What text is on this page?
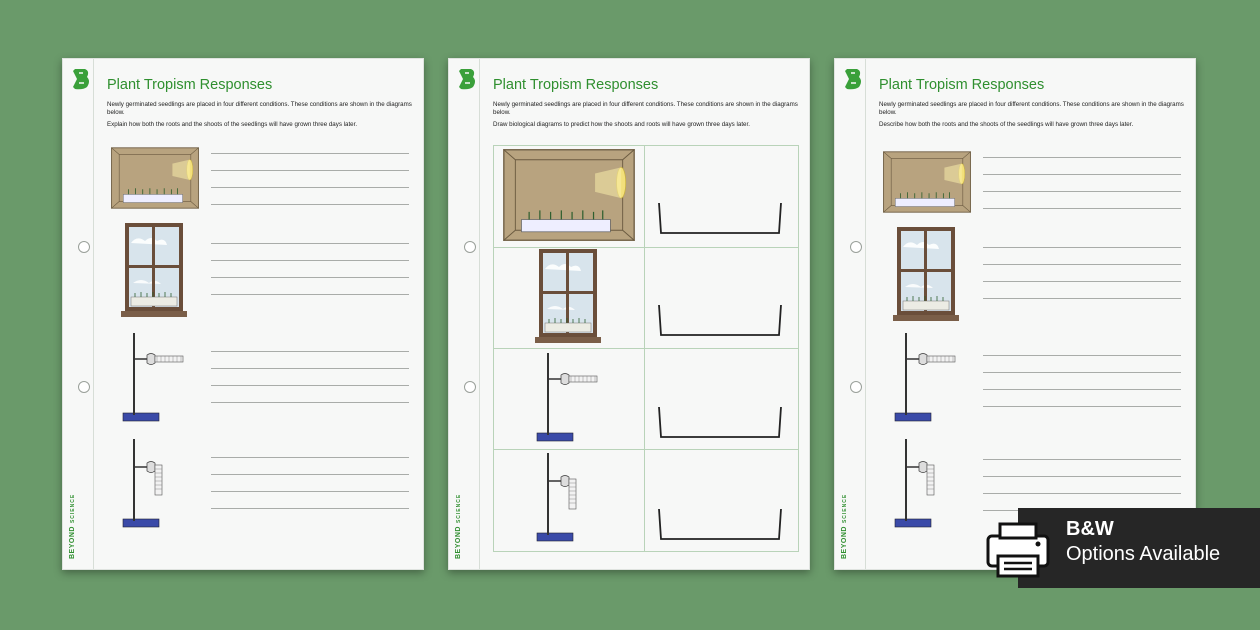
BEYONDSCIENCE
Plant Tropism Responses

Newly germinated seedlings are placed in four different conditions. These conditions are shown in the diagrams below.

Explain how both the roots and the shoots of the seedlings will have grown three days later.

BEYONDSCIENCE
Plant Tropism Responses

Newly germinated seedlings are placed in four different conditions. These conditions are shown in the diagrams below.

Draw biological diagrams to predict how the shoots and roots will have grown three days later.

BEYONDSCIENCE
Plant Tropism Responses

Newly germinated seedlings are placed in four different conditions. These conditions are shown in the diagrams below.

Describe how both the roots and the shoots of the seedlings will have grown three days later.

B&W
Options Available
